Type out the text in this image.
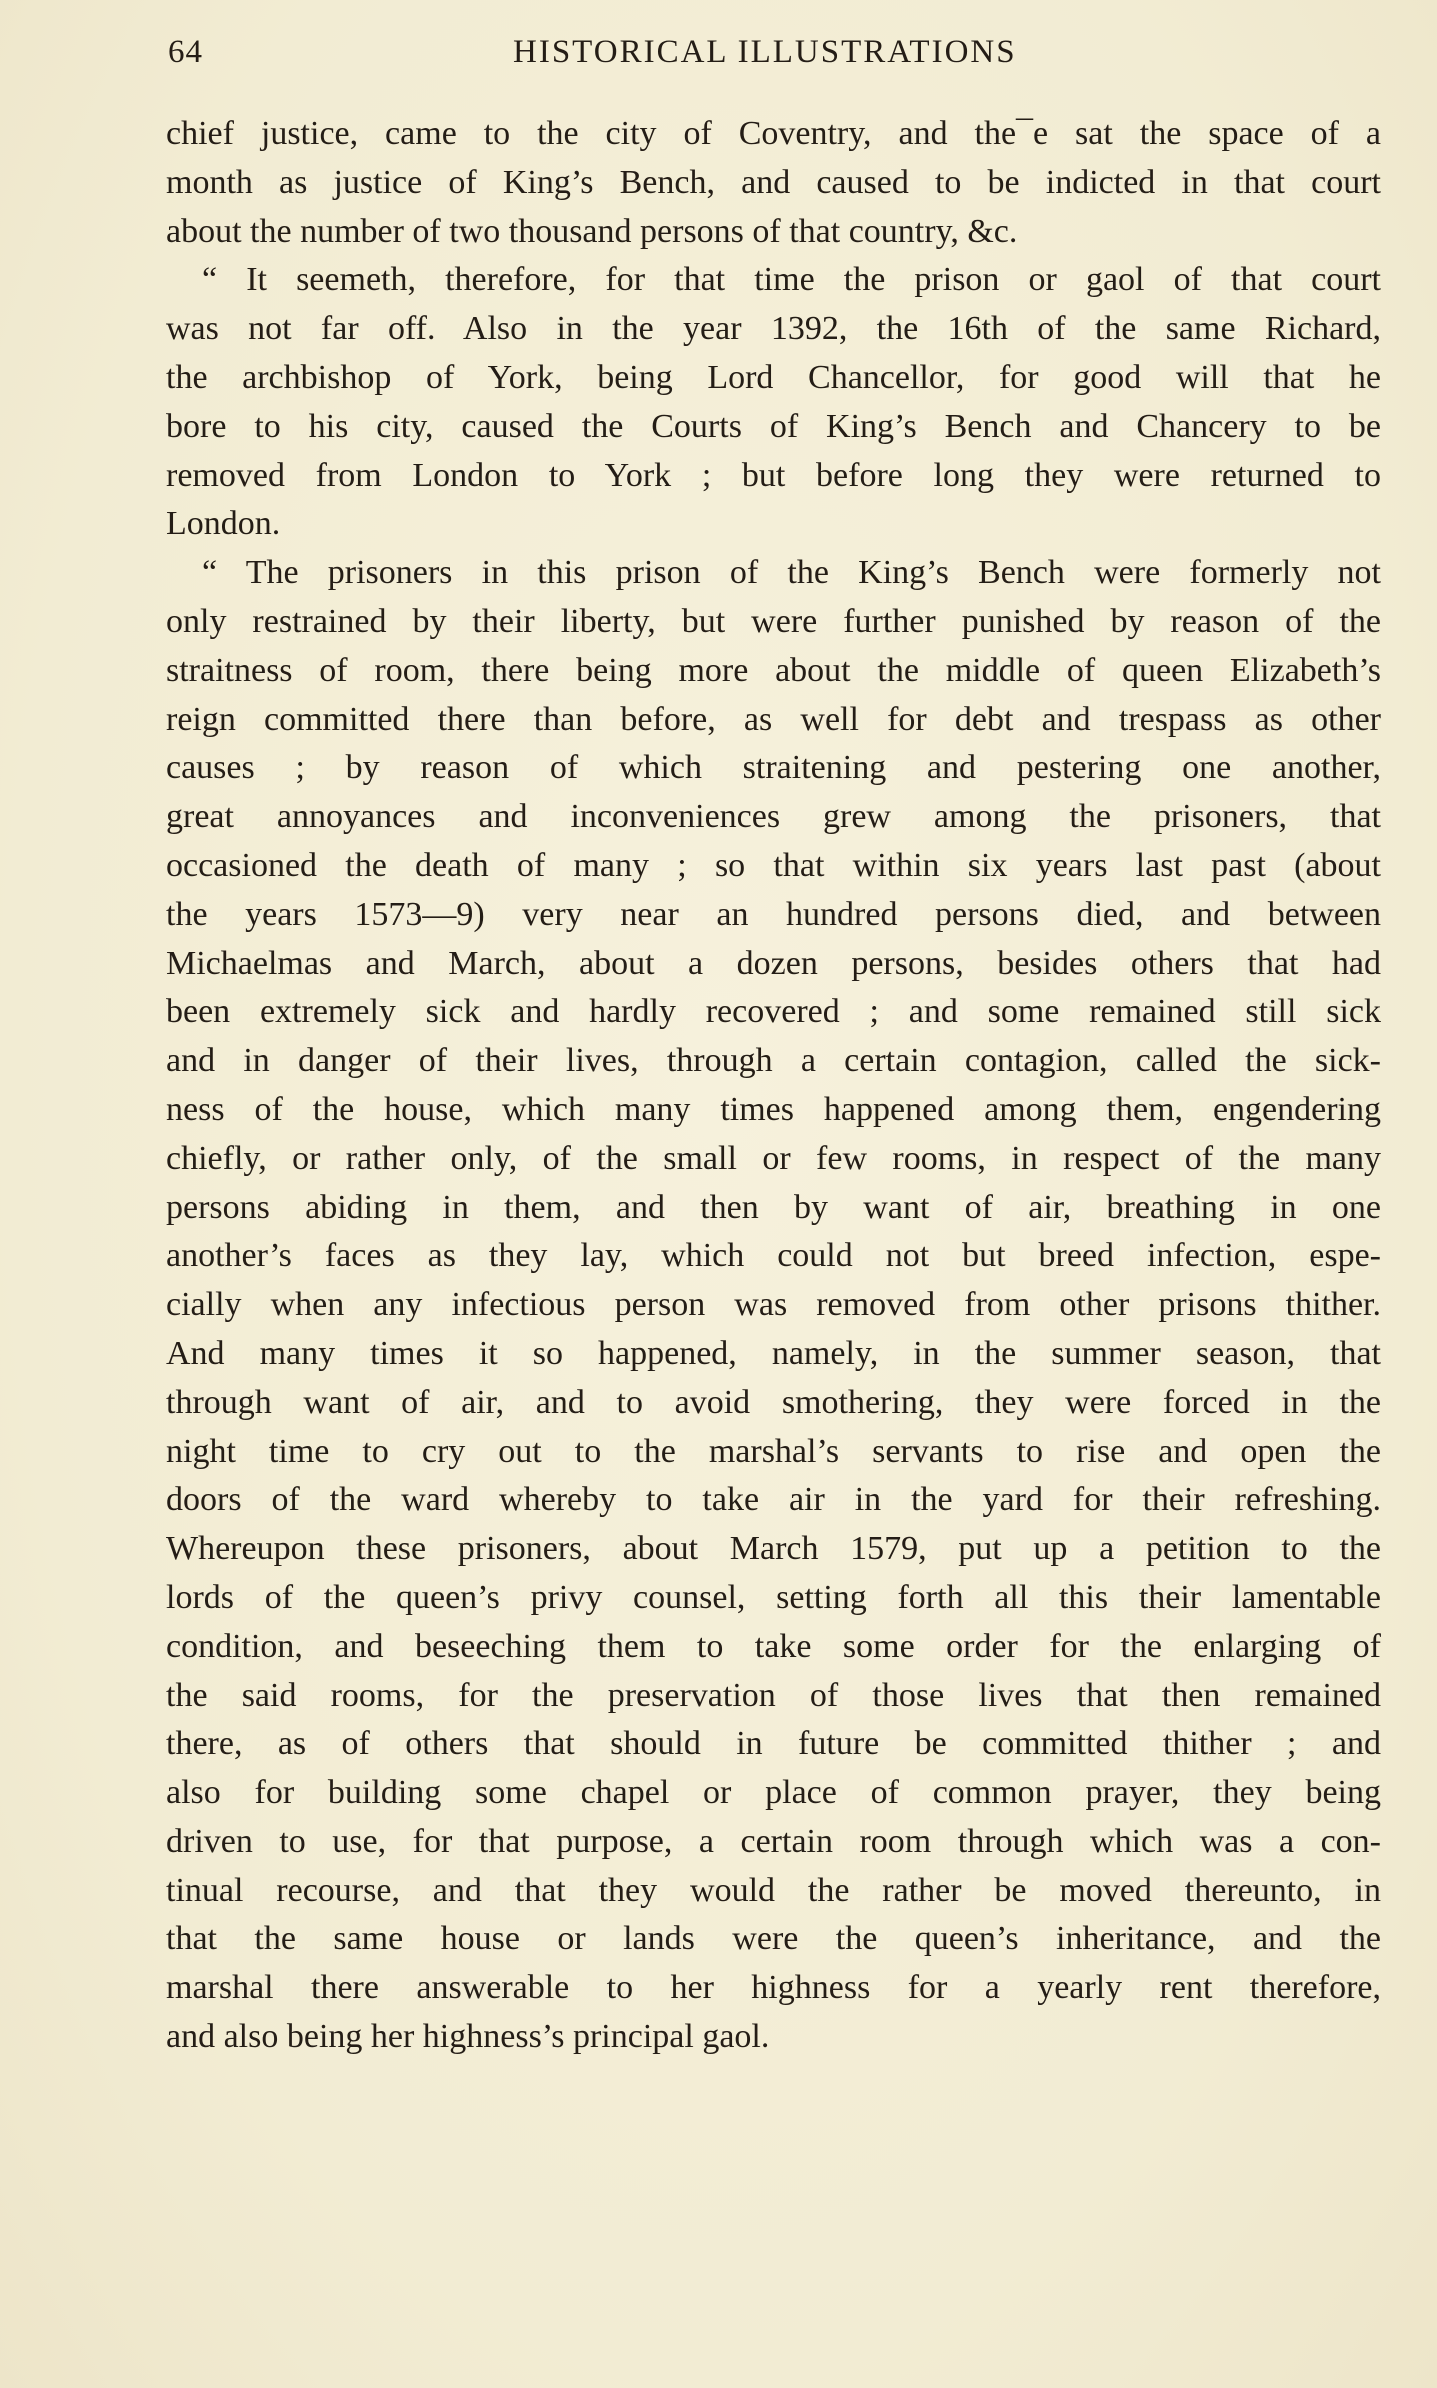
64	HISTORICAL ILLUSTRATIONS
chief justice, came to the city of Coventry, and the¯e sat the space of a
month as justice of King’s Bench, and caused to be indicted in that court
about the number of two thousand persons of that country, &c.
“ It seemeth, therefore, for that time the prison or gaol of that court
was not far off. Also in the year 1392, the 16th of the same Richard,
the archbishop of York, being Lord Chancellor, for good will that he
bore to his city, caused the Courts of King’s Bench and Chancery to be
removed from London to York ; but before long they were returned to
London.
“ The prisoners in this prison of the King’s Bench were formerly not
only restrained by their liberty, but were further punished by reason of the
straitness of room, there being more about the middle of queen Elizabeth’s
reign committed there than before, as well for debt and trespass as other
causes ; by reason of which straitening and pestering one another,
great annoyances and inconveniences grew among the prisoners, that
occasioned the death of many ; so that within six years last past (about
the years 1573—9) very near an hundred persons died, and between
Michaelmas and March, about a dozen persons, besides others that had
been extremely sick and hardly recovered ; and some remained still sick
and in danger of their lives, through a certain contagion, called the sick-
ness of the house, which many times happened among them, engendering
chiefly, or rather only, of the small or few rooms, in respect of the many
persons abiding in them, and then by want of air, breathing in one
another’s faces as they lay, which could not but breed infection, espe-
cially when any infectious person was removed from other prisons thither.
And many times it so happened, namely, in the summer season, that
through want of air, and to avoid smothering, they were forced in the
night time to cry out to the marshal’s servants to rise and open the
doors of the ward whereby to take air in the yard for their refreshing.
Whereupon these prisoners, about March 1579, put up a petition to the
lords of the queen’s privy counsel, setting forth all this their lamentable
condition, and beseeching them to take some order for the enlarging of
the said rooms, for the preservation of those lives that then remained
there, as of others that should in future be committed thither ; and
also for building some chapel or place of common prayer, they being
driven to use, for that purpose, a certain room through which was a con-
tinual recourse, and that they would the rather be moved thereunto, in
that the same house or lands were the queen’s inheritance, and the
marshal there answerable to her highness for a yearly rent therefore,
and also being her highness’s principal gaol.
